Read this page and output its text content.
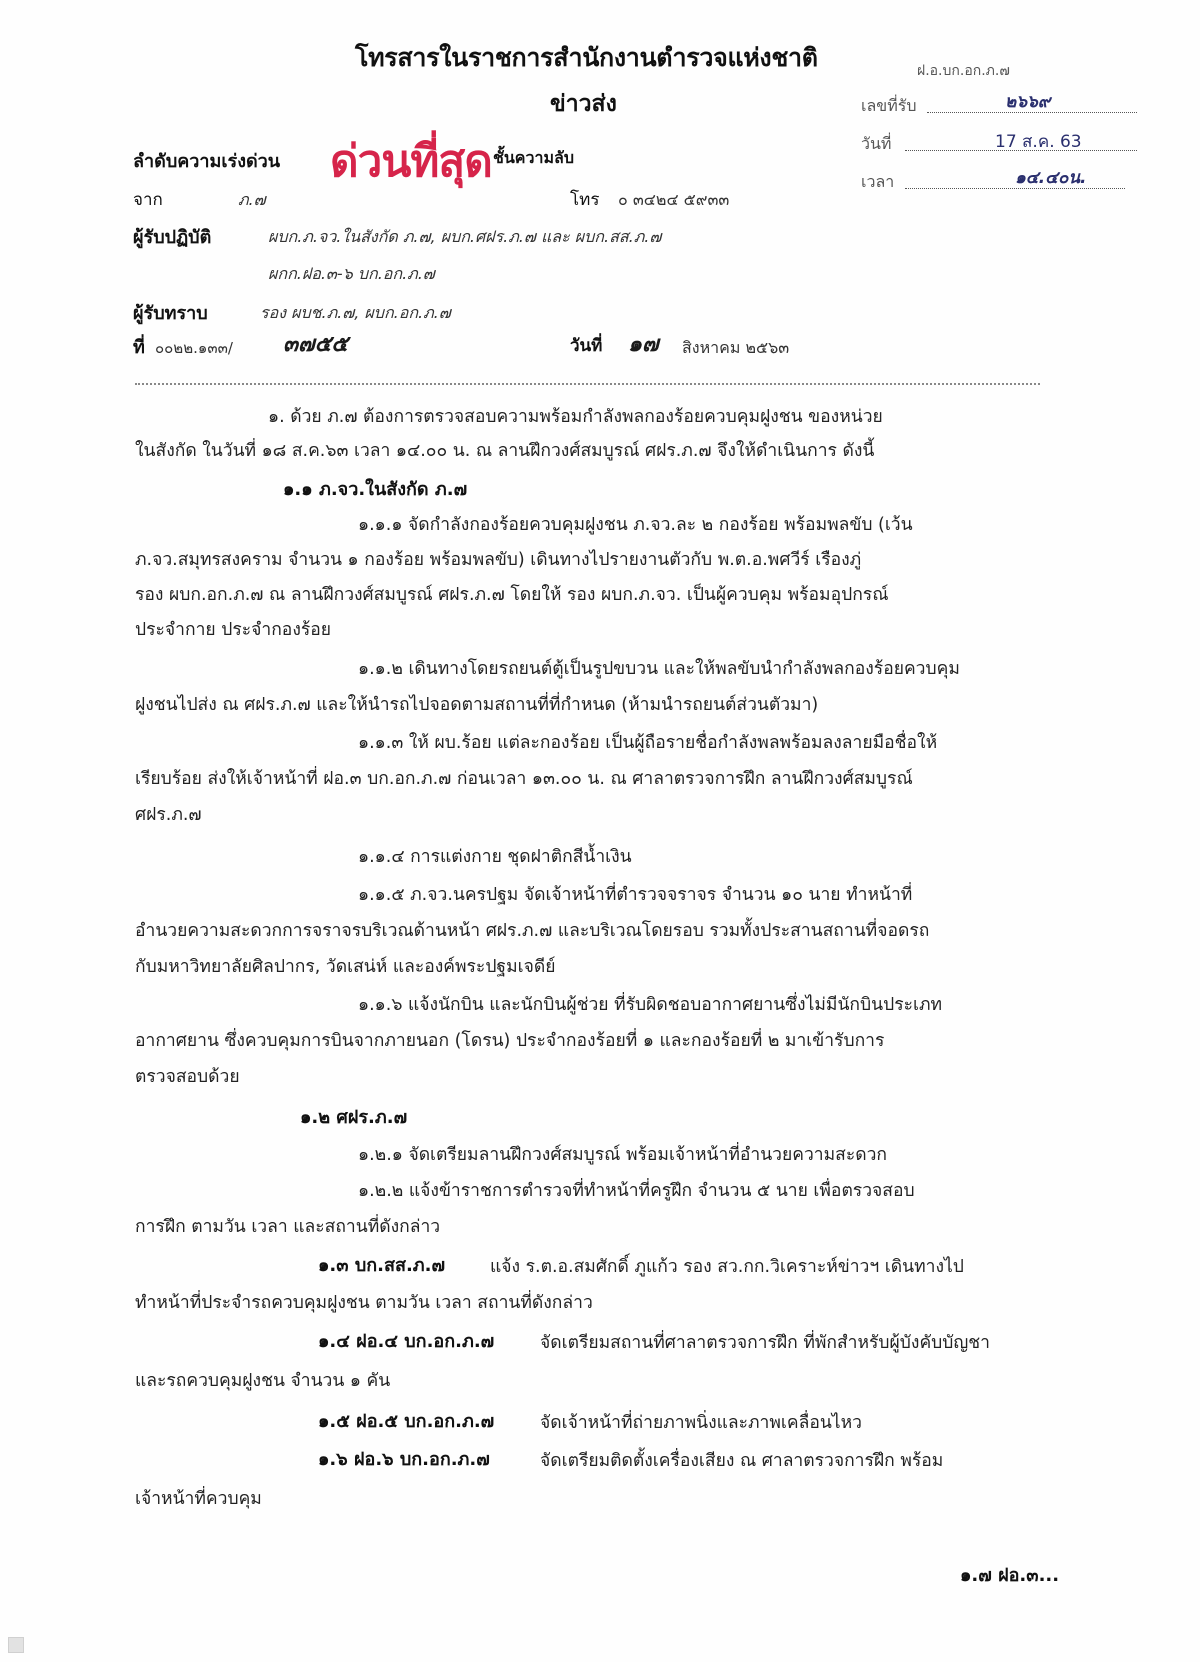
โทรสารในราชการสำนักงานตำรวจแห่งชาติ
ข่าวส่ง
ลำดับความเร่งด่วน ด่วนที่สุด ชั้นความลับ
จาก	ภ.๗	โทร ๐ ๓๔๒๔ ๕๙๓๓
ผู้รับปฏิบัติ	ผบก.ภ.จว.ในสังกัด ภ.๗, ผบก.ศฝร.ภ.๗ และ ผบก.สส.ภ.๗
ผกก.ฝอ.๓-๖ บก.อก.ภ.๗
ผู้รับทราบ	รอง ผบช.ภ.๗, ผบก.อก.ภ.๗
ที่ ๐๐๒๒.๑๓๓/ ๓๗๕๕	วันที่ ๑๗ สิงหาคม ๒๕๖๓
ฝ.อ.บก.อก.ภ.๗
เลขที่รับ	๒๖๖๙
วันที่	17 ส.ค. 63
เวลา	๑๔.๔๐น.
๑. ด้วย ภ.๗ ต้องการตรวจสอบความพร้อมกำลังพลกองร้อยควบคุมฝูงชน ของหน่วย
ในสังกัด ในวันที่ ๑๘ ส.ค.๖๓ เวลา ๑๔.๐๐ น. ณ ลานฝึกวงศ์สมบูรณ์ ศฝร.ภ.๗ จึงให้ดำเนินการ ดังนี้
๑.๑ ภ.จว.ในสังกัด ภ.๗
๑.๑.๑ จัดกำลังกองร้อยควบคุมฝูงชน ภ.จว.ละ ๒ กองร้อย พร้อมพลขับ (เว้น
ภ.จว.สมุทรสงคราม จำนวน ๑ กองร้อย พร้อมพลขับ) เดินทางไปรายงานตัวกับ พ.ต.อ.พศวีร์ เรืองภู่
รอง ผบก.อก.ภ.๗ ณ ลานฝึกวงศ์สมบูรณ์ ศฝร.ภ.๗ โดยให้ รอง ผบก.ภ.จว. เป็นผู้ควบคุม พร้อมอุปกรณ์
ประจำกาย ประจำกองร้อย
๑.๑.๒ เดินทางโดยรถยนต์ตู้เป็นรูปขบวน และให้พลขับนำกำลังพลกองร้อยควบคุม
ฝูงชนไปส่ง ณ ศฝร.ภ.๗ และให้นำรถไปจอดตามสถานที่ที่กำหนด (ห้ามนำรถยนต์ส่วนตัวมา)
๑.๑.๓ ให้ ผบ.ร้อย แต่ละกองร้อย เป็นผู้ถือรายชื่อกำลังพลพร้อมลงลายมือชื่อให้
เรียบร้อย ส่งให้เจ้าหน้าที่ ฝอ.๓ บก.อก.ภ.๗ ก่อนเวลา ๑๓.๐๐ น. ณ ศาลาตรวจการฝึก ลานฝึกวงศ์สมบูรณ์
ศฝร.ภ.๗
๑.๑.๔ การแต่งกาย ชุดฝาติกสีน้ำเงิน
๑.๑.๕ ภ.จว.นครปฐม จัดเจ้าหน้าที่ตำรวจจราจร จำนวน ๑๐ นาย ทำหน้าที่
อำนวยความสะดวกการจราจรบริเวณด้านหน้า ศฝร.ภ.๗ และบริเวณโดยรอบ รวมทั้งประสานสถานที่จอดรถ
กับมหาวิทยาลัยศิลปากร, วัดเสน่ห์ และองค์พระปฐมเจดีย์
๑.๑.๖ แจ้งนักบิน และนักบินผู้ช่วย ที่รับผิดชอบอากาศยานซึ่งไม่มีนักบินประเภท
อากาศยาน ซึ่งควบคุมการบินจากภายนอก (โดรน) ประจำกองร้อยที่ ๑ และกองร้อยที่ ๒ มาเข้ารับการ
ตรวจสอบด้วย
๑.๒ ศฝร.ภ.๗
๑.๒.๑ จัดเตรียมลานฝึกวงศ์สมบูรณ์ พร้อมเจ้าหน้าที่อำนวยความสะดวก
๑.๒.๒ แจ้งข้าราชการตำรวจที่ทำหน้าที่ครูฝึก จำนวน ๕ นาย เพื่อตรวจสอบ
การฝึก ตามวัน เวลา และสถานที่ดังกล่าว
๑.๓ บก.สส.ภ.๗	แจ้ง ร.ต.อ.สมศักดิ์ ภูแก้ว รอง สว.กก.วิเคราะห์ข่าวฯ เดินทางไป
ทำหน้าที่ประจำรถควบคุมฝูงชน ตามวัน เวลา สถานที่ดังกล่าว
๑.๔ ฝอ.๔ บก.อก.ภ.๗	จัดเตรียมสถานที่ศาลาตรวจการฝึก ที่พักสำหรับผู้บังคับบัญชา
และรถควบคุมฝูงชน จำนวน ๑ คัน
๑.๕ ฝอ.๕ บก.อก.ภ.๗	จัดเจ้าหน้าที่ถ่ายภาพนิ่งและภาพเคลื่อนไหว
๑.๖ ฝอ.๖ บก.อก.ภ.๗	จัดเตรียมติดตั้งเครื่องเสียง ณ ศาลาตรวจการฝึก พร้อม
เจ้าหน้าที่ควบคุม
๑.๗ ฝอ.๓...
